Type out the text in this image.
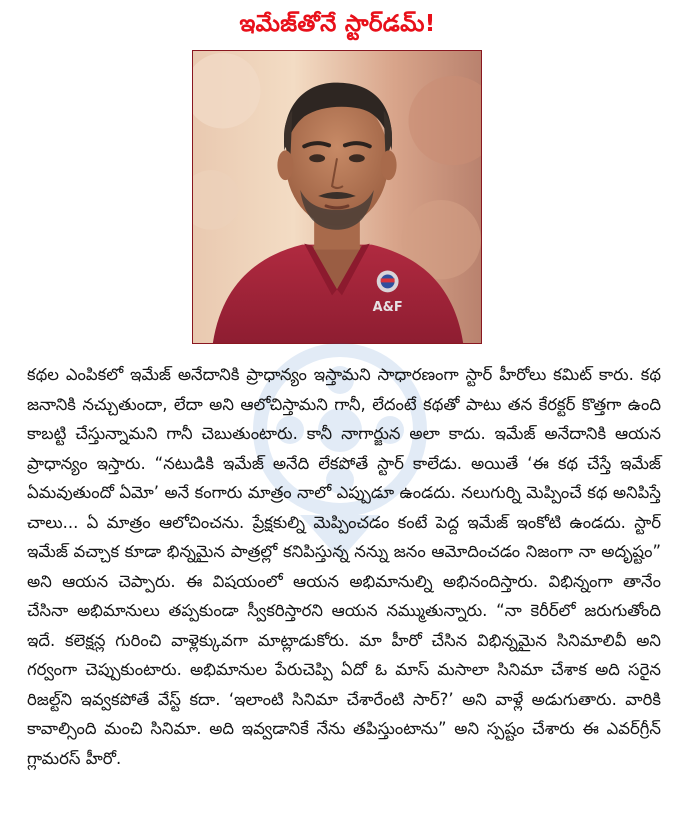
ఇమేజ్‌తోనే స్టార్‌డమ్!
A&F

కథల ఎంపికలో ఇమేజ్ అనేదానికి ప్రాధాన్యం ఇస్తామని సాధారణంగా స్టార్ హీరోలు కమిట్ కారు. కథ జనానికి నచ్చుతుందా, లేదా అని ఆలోచిస్తామని గానీ, లేదంటే కథతో పాటు తన కేరక్టర్ కొత్తగా ఉంది కాబట్టి చేస్తున్నామని గానీ చెబుతుంటారు. కానీ నాగార్జున అలా కాదు. ఇమేజ్ అనేదానికి ఆయన ప్రాధాన్యం ఇస్తారు. “నటుడికి ఇమేజ్ అనేది లేకపోతే స్టార్ కాలేడు. అయితే ‘ఈ కథ చేస్తే ఇమేజ్ ఏమవుతుందో ఏమో’ అనే కంగారు మాత్రం నాలో ఎప్పుడూ ఉండదు. నలుగుర్ని మెప్పించే కథ అనిపిస్తే చాలు... ఏ మాత్రం ఆలోచించను. ప్రేక్షకుల్ని మెప్పించడం కంటే పెద్ద ఇమేజ్ ఇంకోటి ఉండదు. స్టార్ ఇమేజ్ వచ్చాక కూడా భిన్నమైన పాత్రల్లో కనిపిస్తున్న నన్ను జనం ఆమోదించడం నిజంగా నా అదృష్టం” అని ఆయన చెప్పారు. ఈ విషయంలో ఆయన అభిమానుల్ని అభినందిస్తారు. విభిన్నంగా తానేం చేసినా అభిమానులు తప్పకుండా స్వీకరిస్తారని ఆయన నమ్ముతున్నారు. “నా కెరీర్‌లో జరుగుతోంది ఇదే. కలెక్షన్ల గురించి వాళ్లెక్కువగా మాట్లాడుకోరు. మా హీరో చేసిన విభిన్నమైన సినిమాలివీ అని గర్వంగా చెప్పుకుంటారు. అభిమానుల పేరుచెప్పి ఏదో ఓ మాస్ మసాలా సినిమా చేశాక అది సరైన రిజల్ట్‌ని ఇవ్వకపోతే వేస్ట్ కదా. ‘ఇలాంటి సినిమా చేశారేంటి సార్?’ అని వాళ్లే అడుగుతారు. వారికి కావాల్సింది మంచి సినిమా. అది ఇవ్వడానికే నేను తపిస్తుంటాను” అని స్పష్టం చేశారు ఈ ఎవర్‌గ్రీన్ గ్లామరస్ హీరో.
